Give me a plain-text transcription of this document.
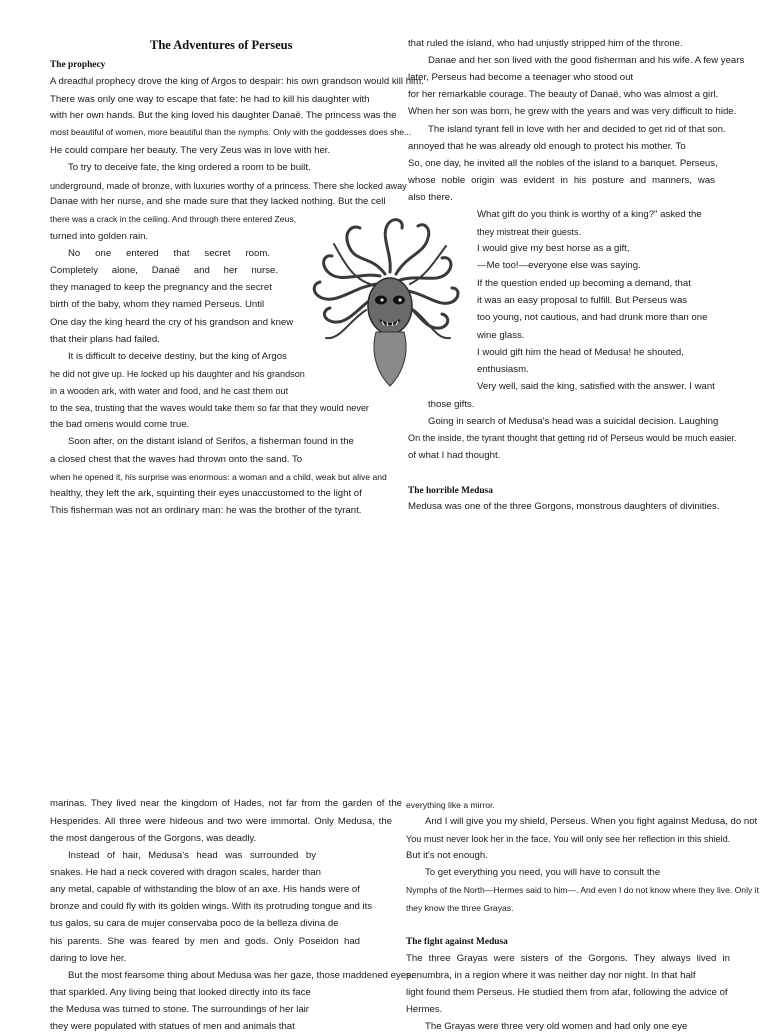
The Adventures of Perseus
The prophecy
A dreadful prophecy drove the king of Argos to despair: his own grandson would kill him.
There was only one way to escape that fate: he had to kill his daughter with
with her own hands. But the king loved his daughter Danaë. The princess was the
most beautiful of women, more beautiful than the nymphs. Only with the goddesses does she...
He could compare her beauty. The very Zeus was in love with her.
To try to deceive fate, the king ordered a room to be built.
underground, made of bronze, with luxuries worthy of a princess. There she locked away
Danae with her nurse, and she made sure that they lacked nothing. But the cell
there was a crack in the ceiling. And through there entered Zeus,
turned into golden rain.
No one entered that secret room.
Completely alone, Danaë and her nurse.
they managed to keep the pregnancy and the secret
birth of the baby, whom they named Perseus. Until
One day the king heard the cry of his grandson and knew
that their plans had failed.
It is difficult to deceive destiny, but the king of Argos
he did not give up. He locked up his daughter and his grandson
in a wooden ark, with water and food, and he cast them out
to the sea, trusting that the waves would take them so far that they would never
the bad omens would come true.
Soon after, on the distant island of Serifos, a fisherman found in the
a closed chest that the waves had thrown onto the sand. To
when he opened it, his surprise was enormous: a woman and a child, weak but alive and
healthy, they left the ark, squinting their eyes unaccustomed to the light of
This fisherman was not an ordinary man: he was the brother of the tyrant.
that ruled the island, who had unjustly stripped him of the throne.
Danae and her son lived with the good fisherman and his wife. A few years
later, Perseus had become a teenager who stood out
for her remarkable courage. The beauty of Danaë, who was almost a girl.
When her son was born, he grew with the years and was very difficult to hide.
The island tyrant fell in love with her and decided to get rid of that son.
annoyed that he was already old enough to protect his mother. To
So, one day, he invited all the nobles of the island to a banquet. Perseus,
whose noble origin was evident in his posture and manners, was
also there.
What gift do you think is worthy of a king?" asked the
they mistreat their guests.
I would give my best horse as a gift,
—Me too!—everyone else was saying.
If the question ended up becoming a demand, that
it was an easy proposal to fulfill. But Perseus was
too young, not cautious, and had drunk more than one
wine glass.
I would gift him the head of Medusa! he shouted,
enthusiasm.
Very well, said the king, satisfied with the answer. I want
those gifts.
Going in search of Medusa's head was a suicidal decision. Laughing
On the inside, the tyrant thought that getting rid of Perseus would be much easier.
of what I had thought.
The horrible Medusa
Medusa was one of the three Gorgons, monstrous daughters of divinities.
marinas. They lived near the kingdom of Hades, not far from the garden of the
Hesperides. All three were hideous and two were immortal. Only Medusa, the
the most dangerous of the Gorgons, was deadly.
Instead of hair, Medusa's head was surrounded by
snakes. He had a neck covered with dragon scales, harder than
any metal, capable of withstanding the blow of an axe. His hands were of
bronze and could fly with its golden wings. With its protruding tongue and its
tus galos, su cara de mujer conservaba poco de la belleza divina de
his parents. She was feared by men and gods. Only Poseidon had
daring to love her.
But the most fearsome thing about Medusa was her gaze, those maddened eyes.
that sparkled. Any living being that looked directly into its face
the Medusa was turned to stone. The surroundings of her lair
they were populated with statues of men and animals that
everything like a mirror.
And I will give you my shield, Perseus. When you fight against Medusa, do not
You must never look her in the face. You will only see her reflection in this shield.
But it's not enough.
To get everything you need, you will have to consult the
Nymphs of the North—Hermes said to him—. And even I do not know where they live. Only it
they know the three Grayas.
The fight against Medusa
The three Grayas were sisters of the Gorgons. They always lived in
penumbra, in a region where it was neither day nor night. In that half
light found them Perseus. He studied them from afar, following the advice of
Hermes.
The Grayas were three very old women and had only one eye
